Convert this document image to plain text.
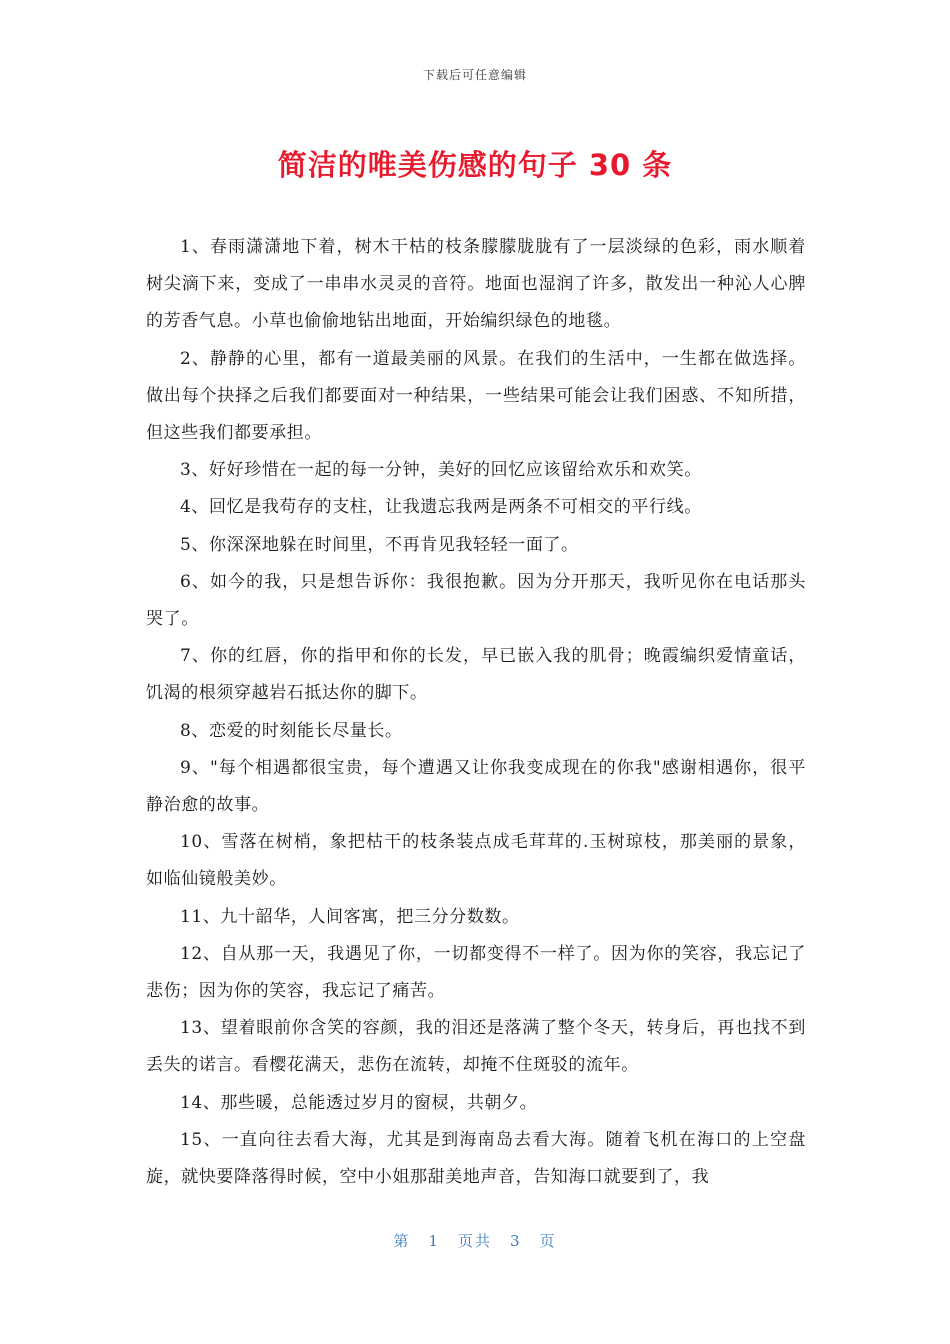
下载后可任意编辑
简洁的唯美伤感的句子 30 条

1、春雨潇潇地下着，树木干枯的枝条朦朦胧胧有了一层淡绿的色彩，雨水顺着树尖滴下来，变成了一串串水灵灵的音符。地面也湿润了许多，散发出一种沁人心脾的芳香气息。小草也偷偷地钻出地面，开始编织绿色的地毯。

2、静静的心里，都有一道最美丽的风景。在我们的生活中，一生都在做选择。做出每个抉择之后我们都要面对一种结果，一些结果可能会让我们困惑、不知所措，但这些我们都要承担。

3、好好珍惜在一起的每一分钟，美好的回忆应该留给欢乐和欢笑。

4、回忆是我苟存的支柱，让我遗忘我两是两条不可相交的平行线。

5、你深深地躲在时间里，不再肯见我轻轻一面了。

6、如今的我，只是想告诉你：我很抱歉。因为分开那天，我听见你在电话那头哭了。

7、你的红唇，你的指甲和你的长发，早已嵌入我的肌骨；晚霞编织爱情童话，饥渴的根须穿越岩石抵达你的脚下。

8、恋爱的时刻能长尽量长。

9、"每个相遇都很宝贵，每个遭遇又让你我变成现在的你我"感谢相遇你，很平静治愈的故事。

10、雪落在树梢，象把枯干的枝条装点成毛茸茸的.玉树琼枝，那美丽的景象，如临仙镜般美妙。

11、九十韶华，人间客寓，把三分分数数。

12、自从那一天，我遇见了你，一切都变得不一样了。因为你的笑容，我忘记了悲伤；因为你的笑容，我忘记了痛苦。

13、望着眼前你含笑的容颜，我的泪还是落满了整个冬天，转身后，再也找不到丢失的诺言。看樱花满天，悲伤在流转，却掩不住斑驳的流年。

14、那些暖，总能透过岁月的窗棂，共朝夕。

15、一直向往去看大海，尤其是到海南岛去看大海。随着飞机在海口的上空盘旋，就快要降落得时候，空中小姐那甜美地声音，告知海口就要到了，我

第 1 页共 3 页
